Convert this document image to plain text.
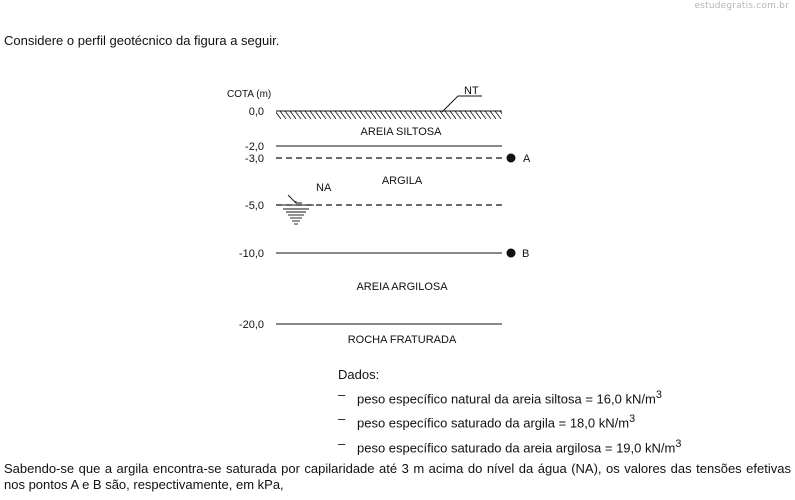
estudegratis.com.br
Considere o perfil geotécnico da figura a seguir.
COTA (m)
0,0
-2,0
-3,0
-5,0
-10,0
-20,0
NT
AREIA SILTOSA
ARGILA
AREIA ARGILOSA
ROCHA FRATURADA
NA
A
B
Dados:
– peso específico natural da areia siltosa = 16,0 $kN/m^3$
– peso específico saturado da argila = 18,0 $kN/m^3$
– peso específico saturado da areia argilosa = 19,0 $kN/m^3$
Sabendo-se que a argila encontra-se saturada por capilaridade até 3 m acima do nível da água (NA), os valores das tensões efetivas nos pontos A e B são, respectivamente, em kPa,
